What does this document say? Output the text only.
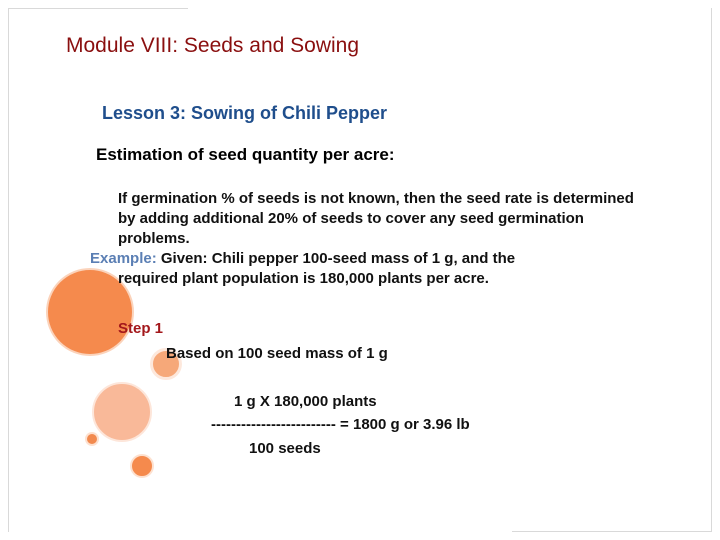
Module VIII: Seeds and Sowing
Lesson 3: Sowing of Chili Pepper
Estimation of seed quantity per acre:

If germination % of seeds is not known, then the seed rate is determined by adding additional 20% of seeds to cover any seed germination problems.

Example: Given: Chili pepper 100-seed mass of 1 g, and the
required plant population is 180,000 plants per acre.

Step 1

Based on 100 seed mass of 1 g

1 g X 180,000 plants

------------------------- = 1800 g or 3.96 lb

100 seeds
